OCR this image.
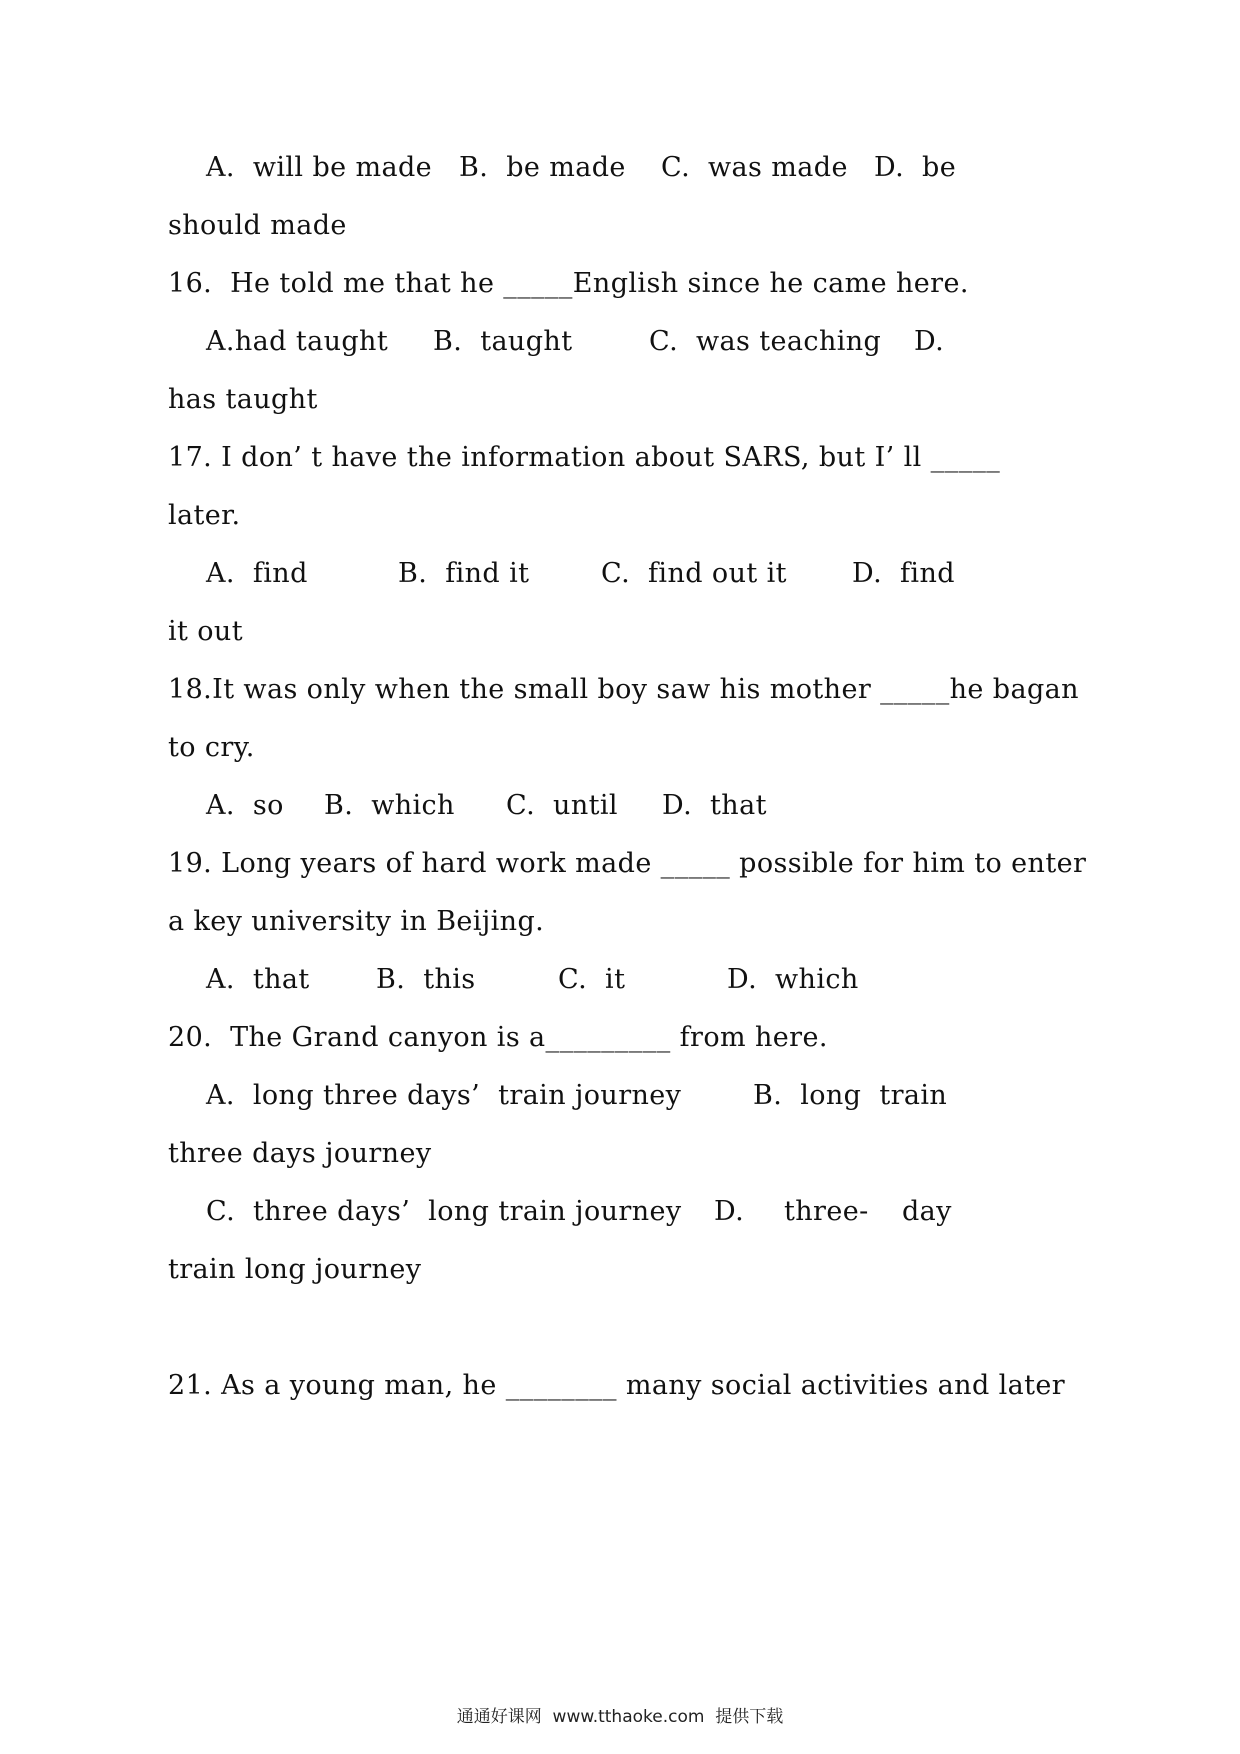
A.  will be made B.  be made C.  was made D.  be
should made
16.  He told me that he _____English since he came here.
A.had taught B.  taught	C.  was teaching D.
has taught
17. I don’ t have the information about SARS, but I’ ll _____
later.
A.  find	B.  find it	C.  find out it D.  find
it out
18.It was only when the small boy saw his mother _____he bagan
to cry.
A.  so B.  which C.  until D.  that
19. Long years of hard work made _____ possible for him to enter
a key university in Beijing.
A.  that B.  this	C.  it	D.  which
20.  The Grand canyon is a_________ from here.
A.  long three days’  train journey	B.  long  train
three days journey
C.  three days’  long train journey D. three- day
train long journey
21. As a young man, he ________ many social activities and later
通通好课网  www.tthaoke.com  提供下载
